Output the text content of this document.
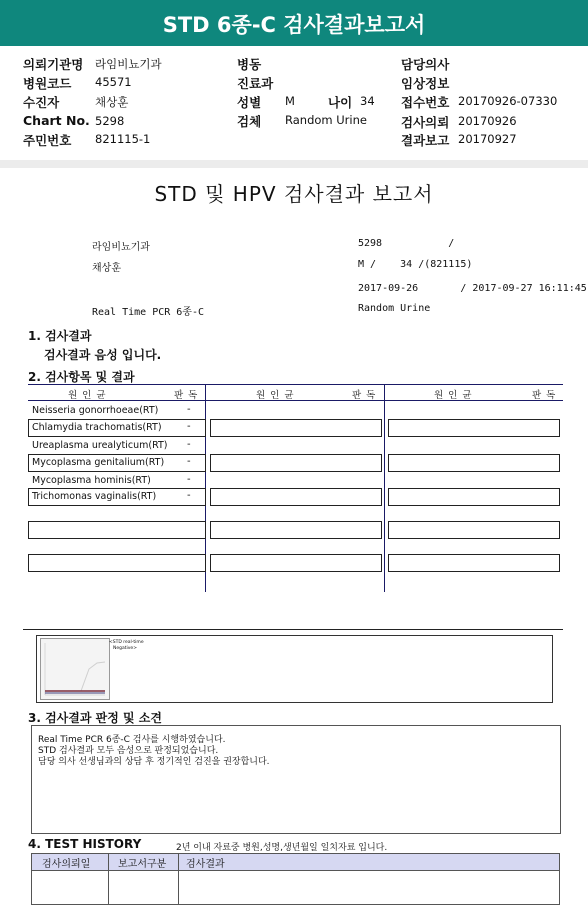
STD 6종-C 검사결과보고서
의뢰기관명 라임비뇨기과
병원코드 45571
수진자	채상훈
Chart No. 5298
주민번호 821115-1
병동
진료과
성별 M	나이 34
검체 Random Urine
담당의사
임상정보
접수번호 20170926-07330
검사의뢰 20170926
결과보고 20170927
STD 및 HPV 검사결과 보고서
라임비뇨기과
채상훈
Real Time PCR 6종-C
5298           /
M /    34 /(821115)
2017-09-26       / 2017-09-27 16:11:45
Random Urine
1. 검사결과
검사결과 음성 입니다.
2. 검사항목 및 결과
원인균	판독	원인균	판독	원인균	판독
Neisseria gonorrhoeae(RT)	-
Chlamydia trachomatis(RT)	-
Ureaplasma urealyticum(RT) -
Mycoplasma genitalium(RT) -
Mycoplasma hominis(RT)	-
Trichomonas vaginalis(RT)	-
<STD real-time
Negative>
3. 검사결과 판정 및 소견
Real Time PCR 6종-C 검사를 시행하였습니다.
STD 검사결과 모두 음성으로 판정되었습니다.
담당 의사 선생님과의 상담 후 정기적인 검진을 권장합니다.
4. TEST HISTORY	2년 이내 자료중 병원,성명,생년월일 일치자료 입니다.
검사의뢰일	보고서구분 검사결과
